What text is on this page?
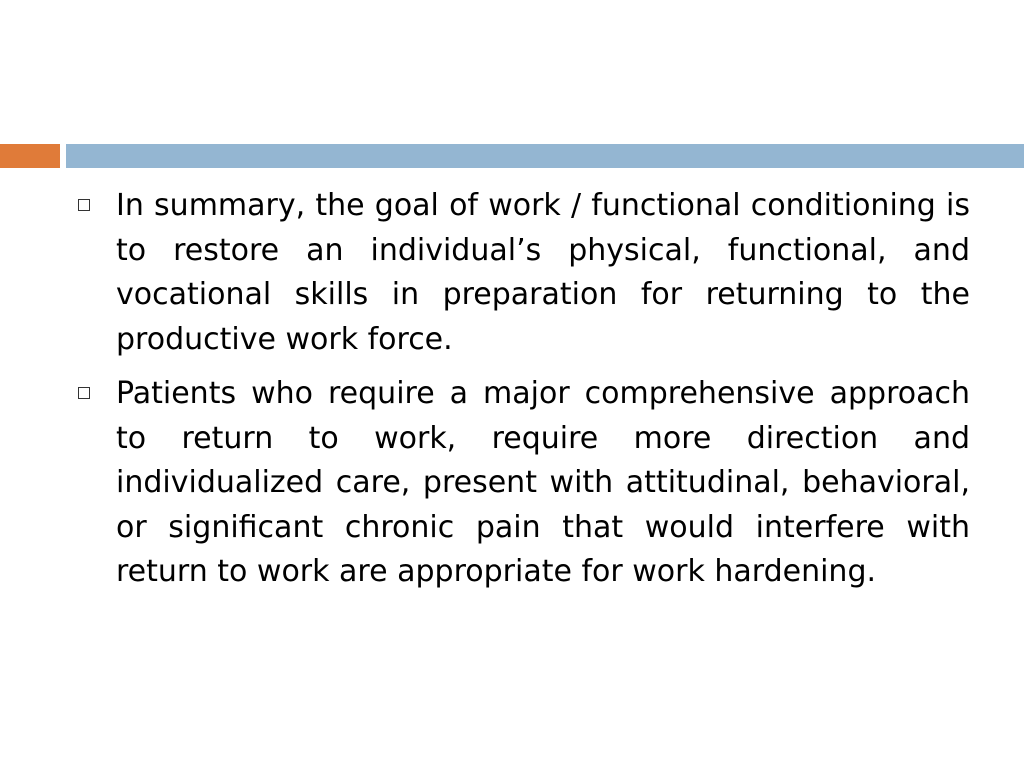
In summary, the goal of work / functional conditioning is to restore an individual’s physical, functional, and vocational skills in preparation for returning to the productive work force.
Patients who require a major comprehensive approach to return to work, require more direction and individualized care, present with attitudinal, behavioral, or significant chronic pain that would interfere with return to work are appropriate for work hardening.
